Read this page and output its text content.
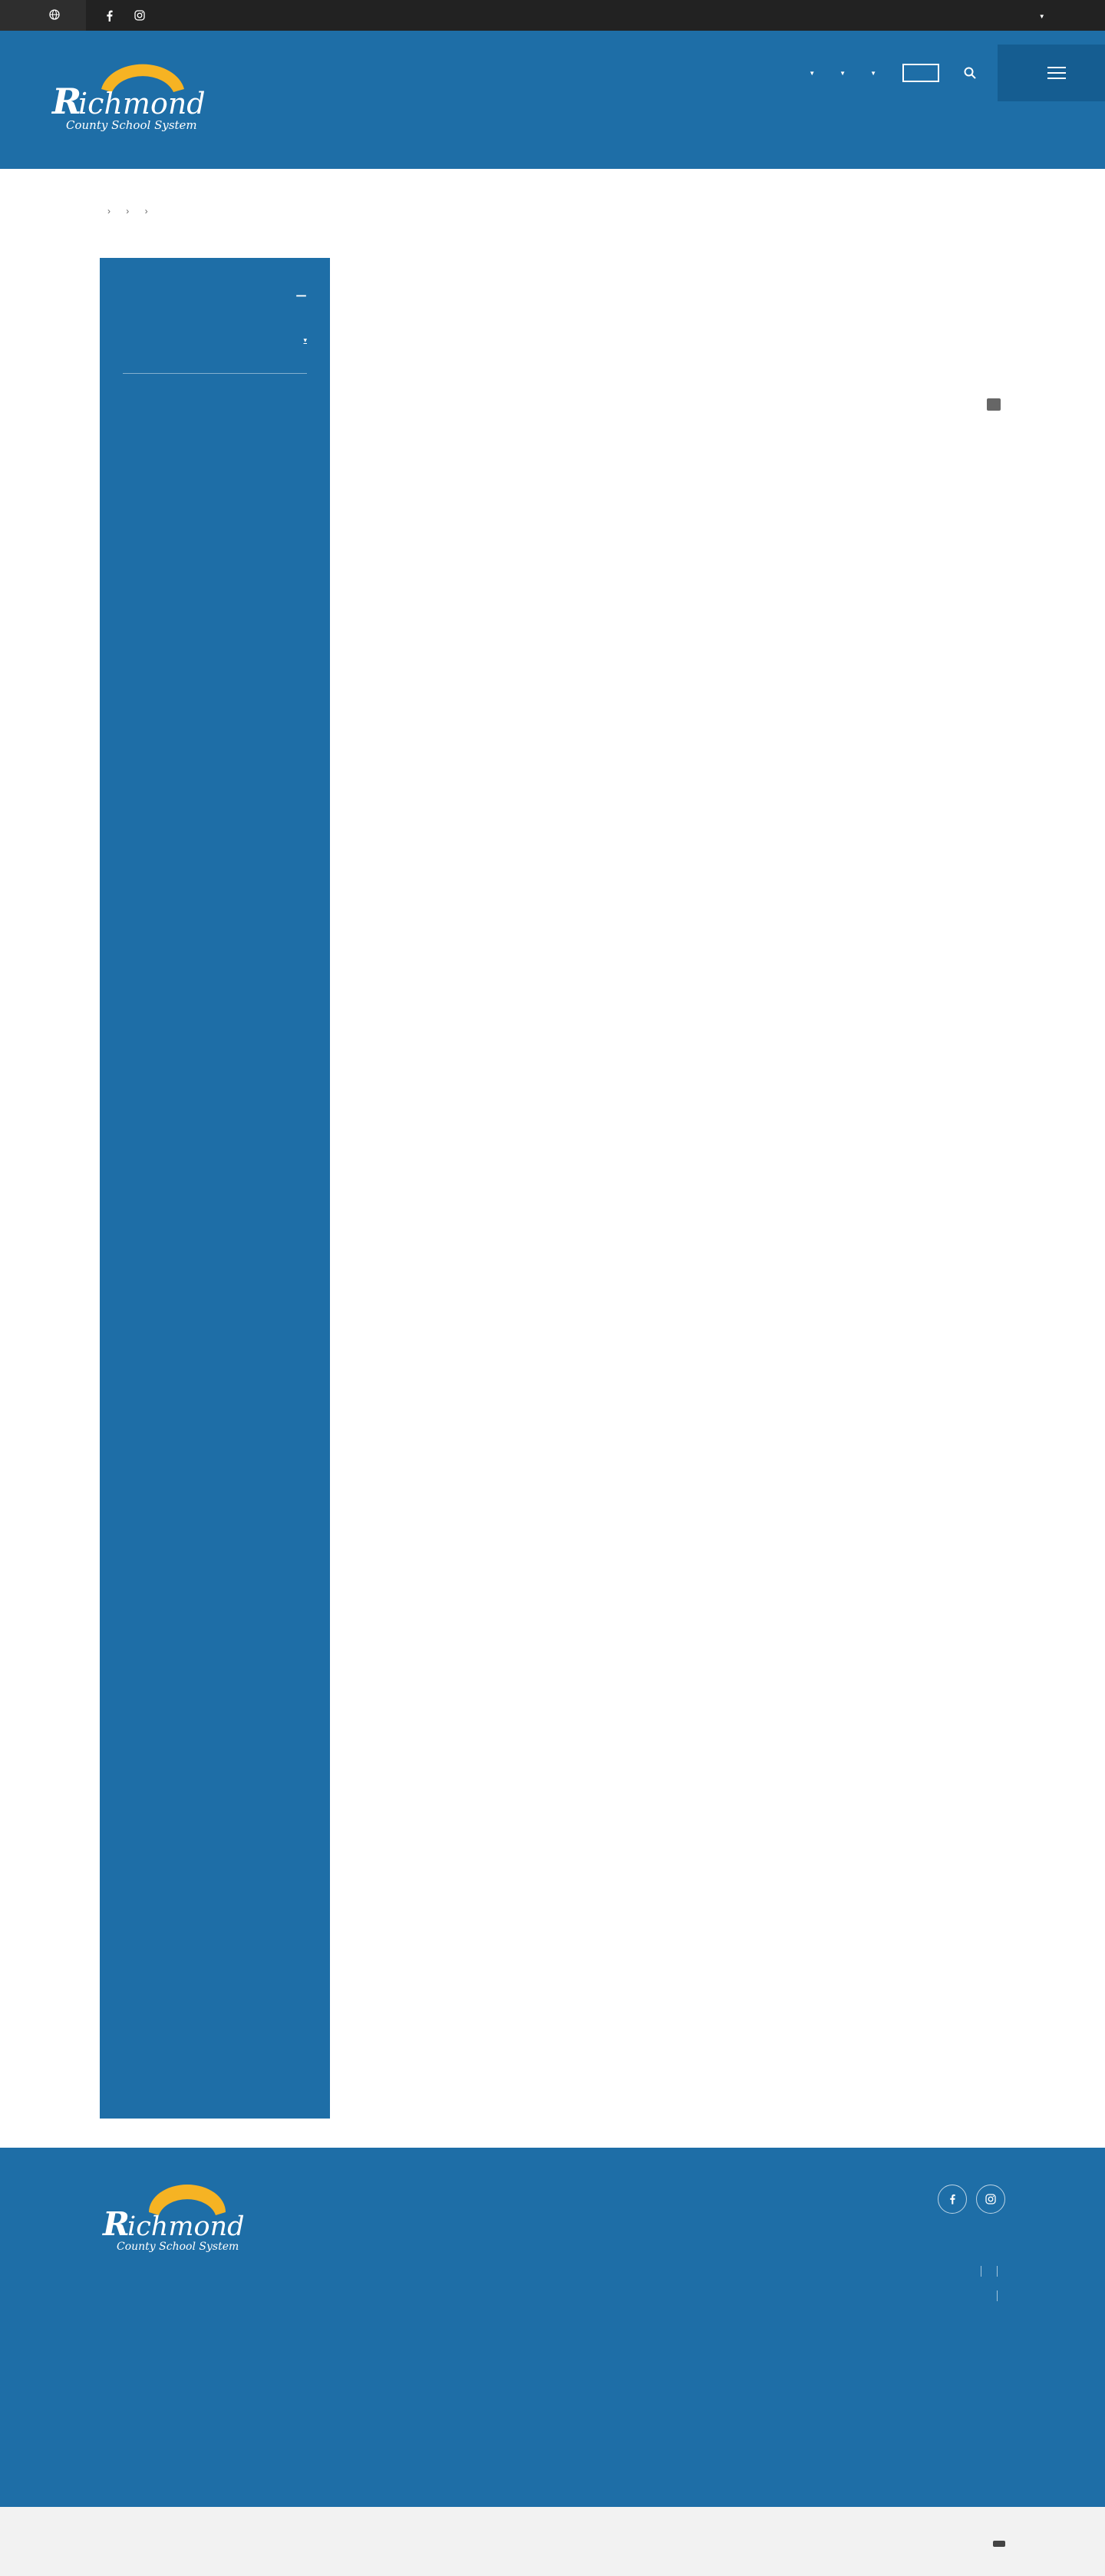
▼
R
ichmond
County School System
▼	▼	▼
› › ›
−
▾

R
ichmond
County School System
